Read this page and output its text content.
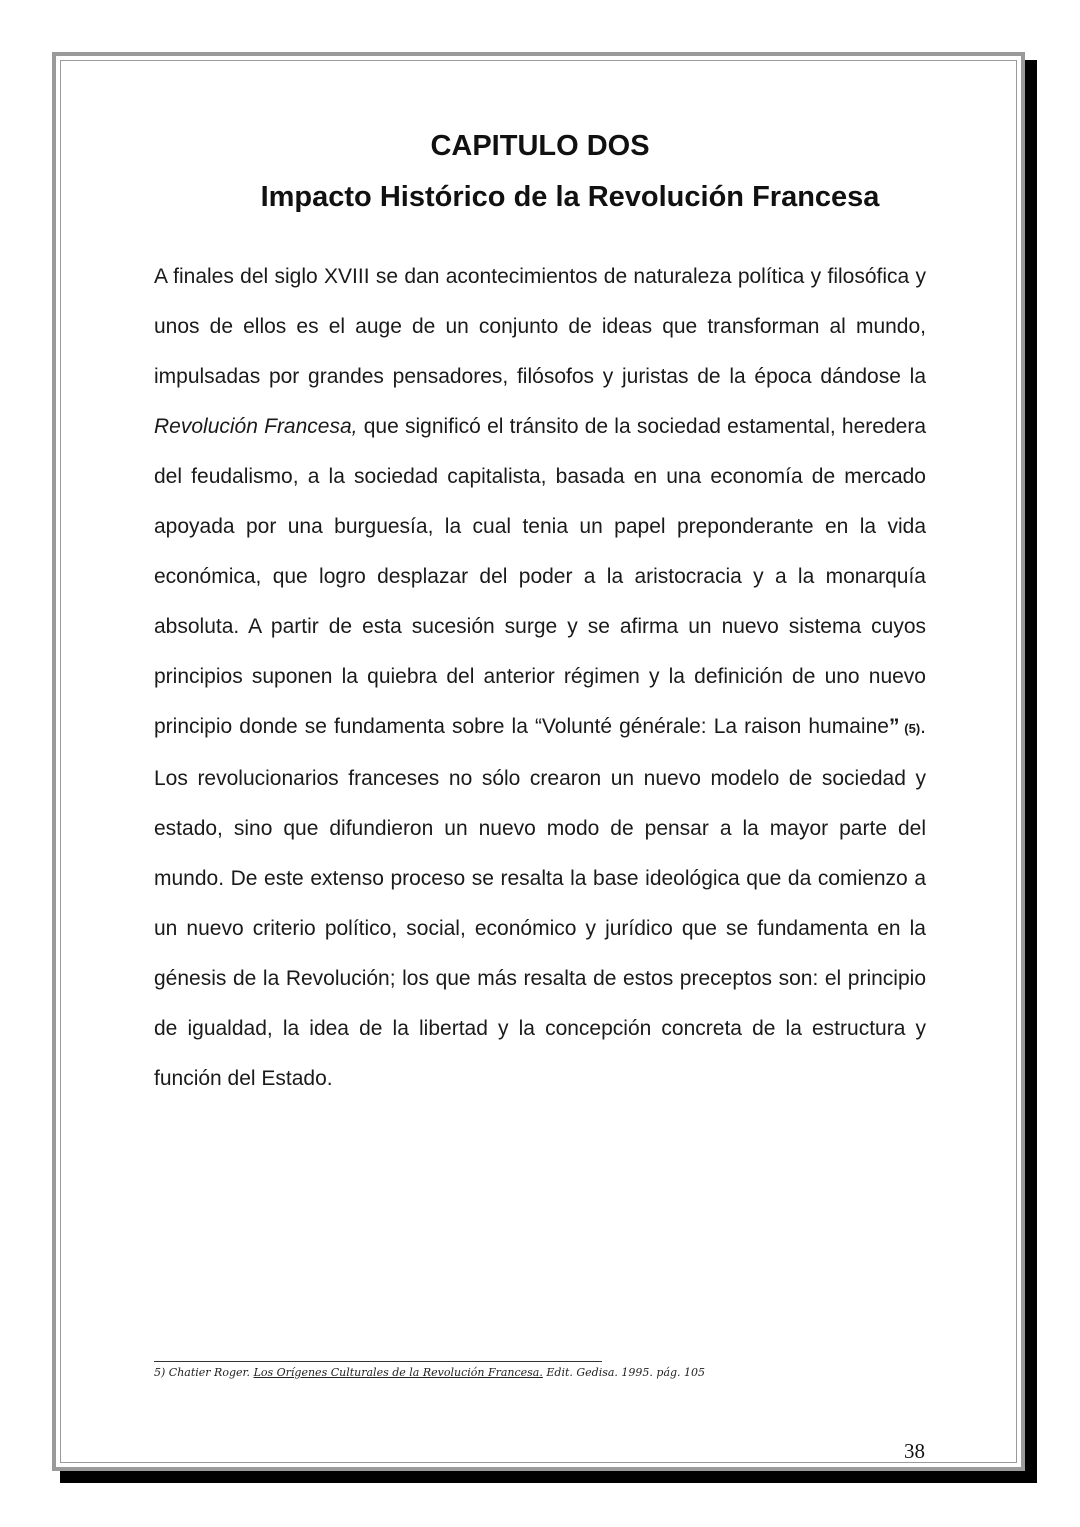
CAPITULO DOS
Impacto Histórico de la Revolución Francesa

A finales del siglo XVIII se dan acontecimientos de naturaleza política y filosófica y unos de ellos es el auge de un conjunto de ideas que transforman al mundo, impulsadas por grandes pensadores, filósofos y juristas de la época dándose la Revolución Francesa, que significó el tránsito de la sociedad estamental, heredera del feudalismo, a la sociedad capitalista, basada en una economía de mercado apoyada por una burguesía, la cual tenia un papel preponderante en la vida económica, que logro desplazar del poder a la aristocracia y a la monarquía absoluta. A partir de esta sucesión surge y se afirma un nuevo sistema cuyos principios suponen la quiebra del anterior régimen y la definición de uno nuevo principio donde se fundamenta sobre la “Volunté générale: La raison humaine” (5). Los revolucionarios franceses no sólo crearon un nuevo modelo de sociedad y estado, sino que difundieron un nuevo modo de pensar a la mayor parte del mundo. De este extenso proceso se resalta la base ideológica que da comienzo a un nuevo criterio político, social, económico y jurídico que se fundamenta en la génesis de la Revolución; los que más resalta de estos preceptos son: el principio de igualdad, la idea de la libertad y la concepción concreta de la estructura y función del Estado.

5) Chatier Roger. Los Orígenes Culturales de la Revolución Francesa. Edit. Gedisa. 1995. pág. 105
38
